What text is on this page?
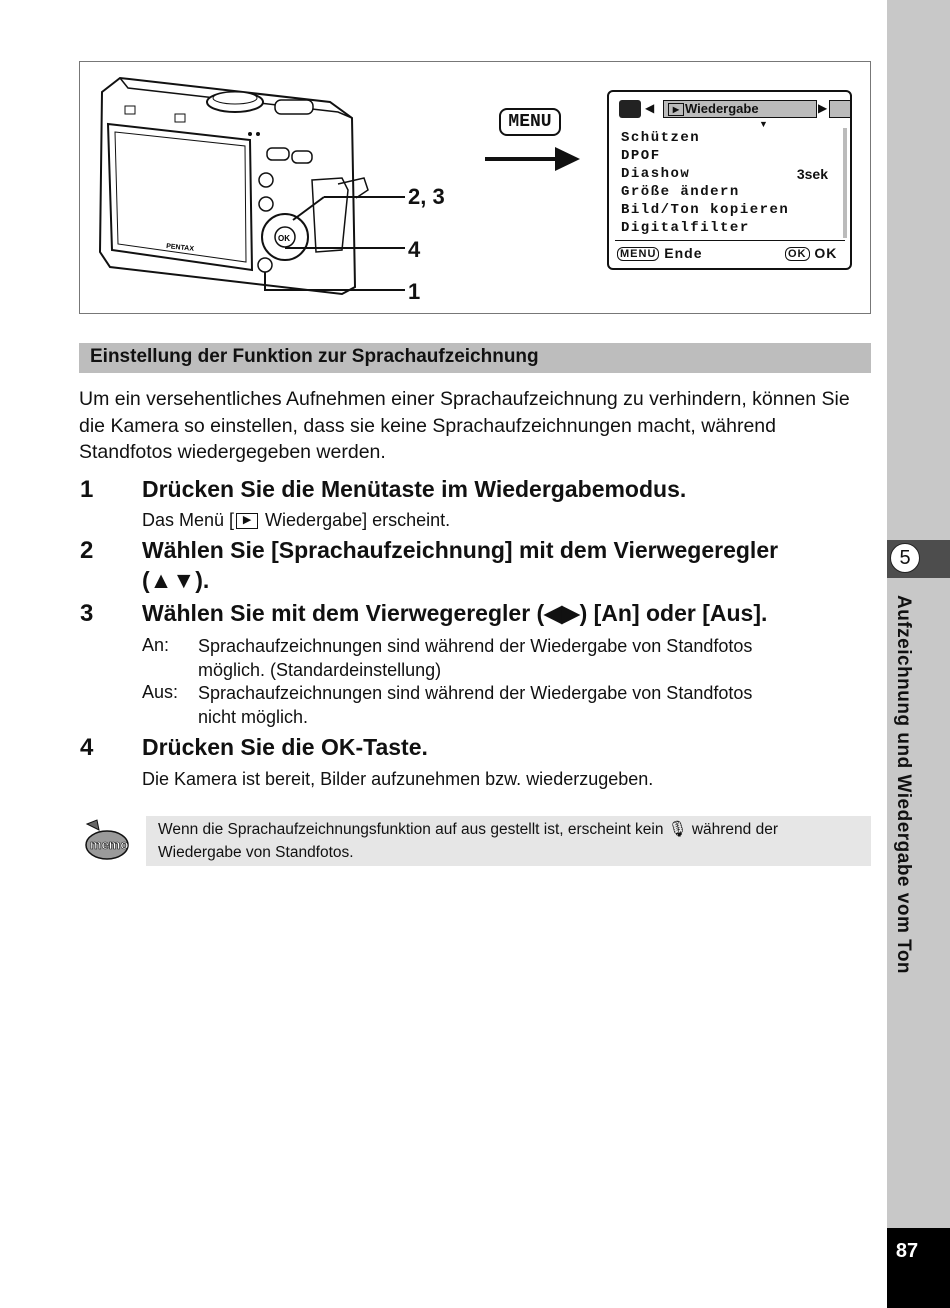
5
Aufzeichnung und Wiedergabe vom Ton
87
PENTAX
OK
2, 3
4
1
MENU
◀	▶ Wiedergabe	▶
▼
Schützen
DPOF
Diashow	3sek
Größe ändern
Bild/Ton kopieren
Digitalfilter
MENU Ende	OK OK
Einstellung der Funktion zur Sprachaufzeichnung
Um ein versehentliches Aufnehmen einer Sprachaufzeichnung zu verhindern, können Sie die Kamera so einstellen, dass sie keine Sprachaufzeichnungen macht, während Standfotos wiedergegeben werden.
1 Drücken Sie die Menütaste im Wiedergabemodus.
Das Menü [ ▶ Wiedergabe] erscheint.
2 Wählen Sie [Sprachaufzeichnung] mit dem Vierwegeregler
(▲▼).
3 Wählen Sie mit dem Vierwegeregler (◀▶) [An] oder [Aus].
An: Sprachaufzeichnungen sind während der Wiedergabe von Standfotos
möglich. (Standardeinstellung)
Aus: Sprachaufzeichnungen sind während der Wiedergabe von Standfotos
nicht möglich.
4 Drücken Sie die OK-Taste.
Die Kamera ist bereit, Bilder aufzunehmen bzw. wiederzugeben.
memo
Wenn die Sprachaufzeichnungsfunktion auf aus gestellt ist, erscheint kein 🎙︎ während der Wiedergabe von Standfotos.
